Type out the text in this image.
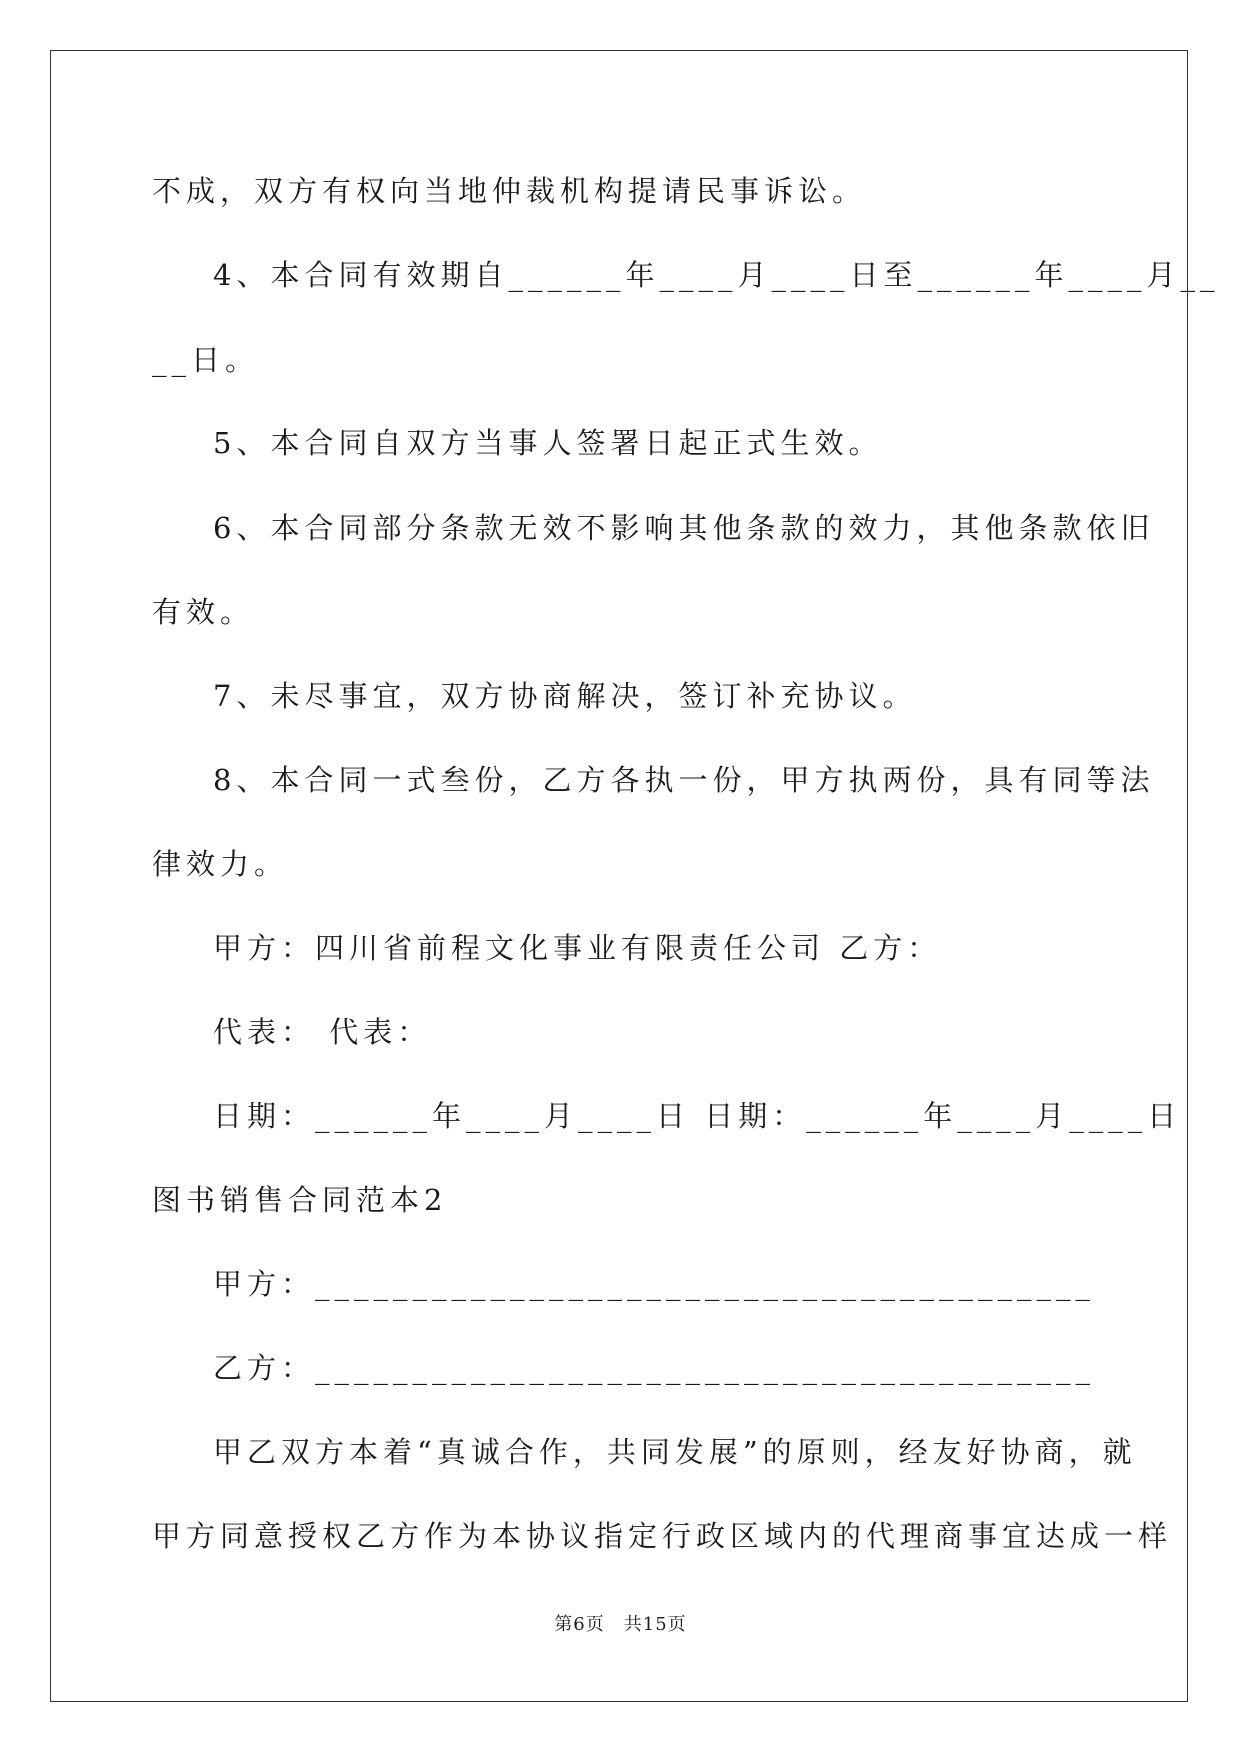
不成，双方有权向当地仲裁机构提请民事诉讼。
4、本合同有效期自______年____月____日至______年____月__
__日。
5、本合同自双方当事人签署日起正式生效。
6、本合同部分条款无效不影响其他条款的效力，其他条款依旧
有效。
7、未尽事宜，双方协商解决，签订补充协议。
8、本合同一式叁份，乙方各执一份，甲方执两份，具有同等法
律效力。
甲方：四川省前程文化事业有限责任公司 乙方：
代表： 代表：
日期：______年____月____日 日期：______年____月____日
图书销售合同范本2
甲方：________________________________________
乙方：________________________________________
甲乙双方本着“真诚合作，共同发展”的原则，经友好协商，就
甲方同意授权乙方作为本协议指定行政区域内的代理商事宜达成一样
第6页　共15页
